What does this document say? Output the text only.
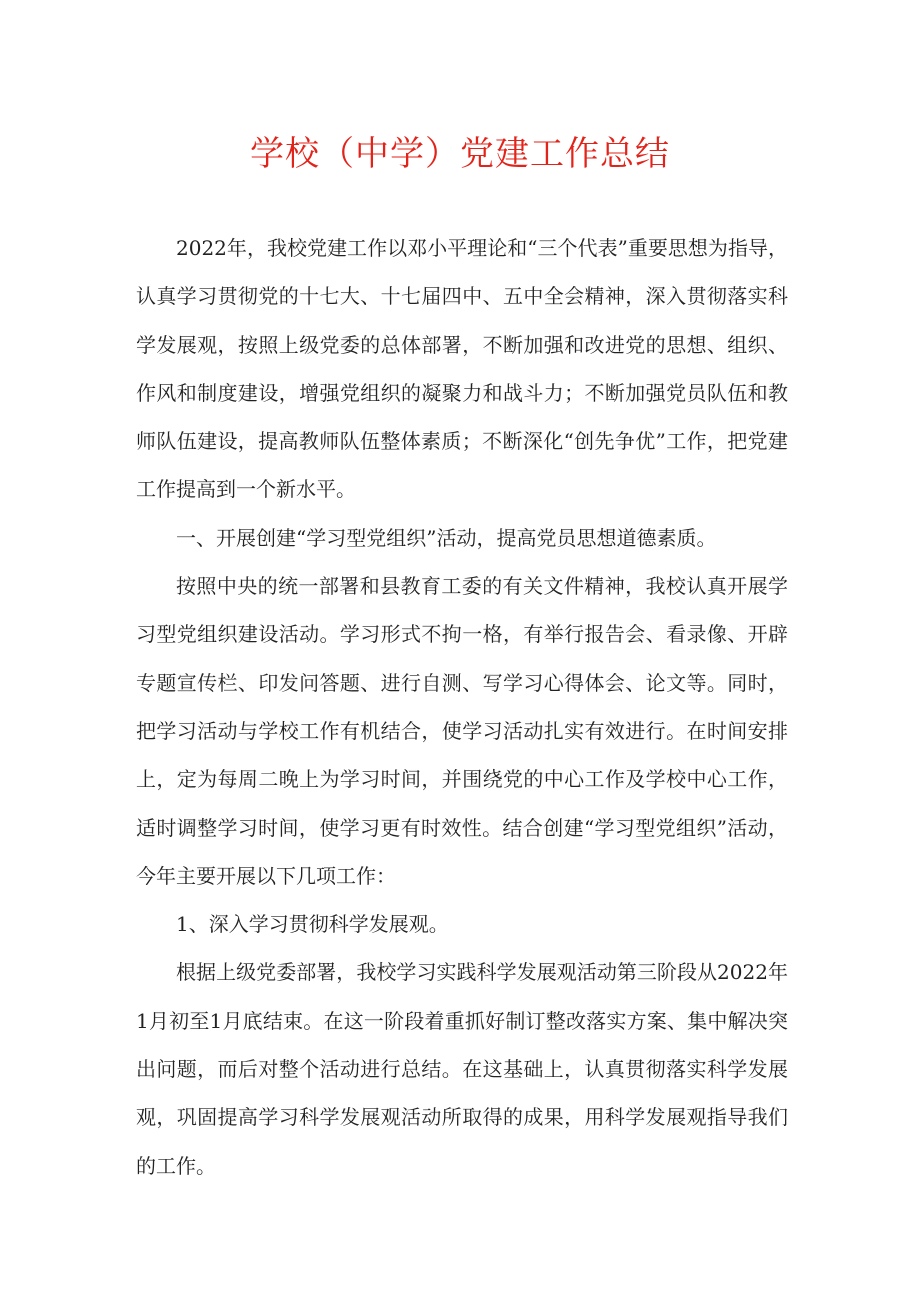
学校（中学）党建工作总结

2022年，我校党建工作以邓小平理论和“三个代表”重要思想为指导，认真学习贯彻党的十七大、十七届四中、五中全会精神，深入贯彻落实科学发展观，按照上级党委的总体部署，不断加强和改进党的思想、组织、作风和制度建设，增强党组织的凝聚力和战斗力；不断加强党员队伍和教师队伍建设，提高教师队伍整体素质；不断深化“创先争优”工作，把党建工作提高到一个新水平。

一、开展创建“学习型党组织”活动，提高党员思想道德素质。

按照中央的统一部署和县教育工委的有关文件精神，我校认真开展学习型党组织建设活动。学习形式不拘一格，有举行报告会、看录像、开辟专题宣传栏、印发问答题、进行自测、写学习心得体会、论文等。同时，把学习活动与学校工作有机结合，使学习活动扎实有效进行。在时间安排上，定为每周二晚上为学习时间，并围绕党的中心工作及学校中心工作，适时调整学习时间，使学习更有时效性。结合创建“学习型党组织”活动，今年主要开展以下几项工作：

1、深入学习贯彻科学发展观。

根据上级党委部署，我校学习实践科学发展观活动第三阶段从2022年1月初至1月底结束。在这一阶段着重抓好制订整改落实方案、集中解决突出问题，而后对整个活动进行总结。在这基础上，认真贯彻落实科学发展观，巩固提高学习科学发展观活动所取得的成果，用科学发展观指导我们的工作。
